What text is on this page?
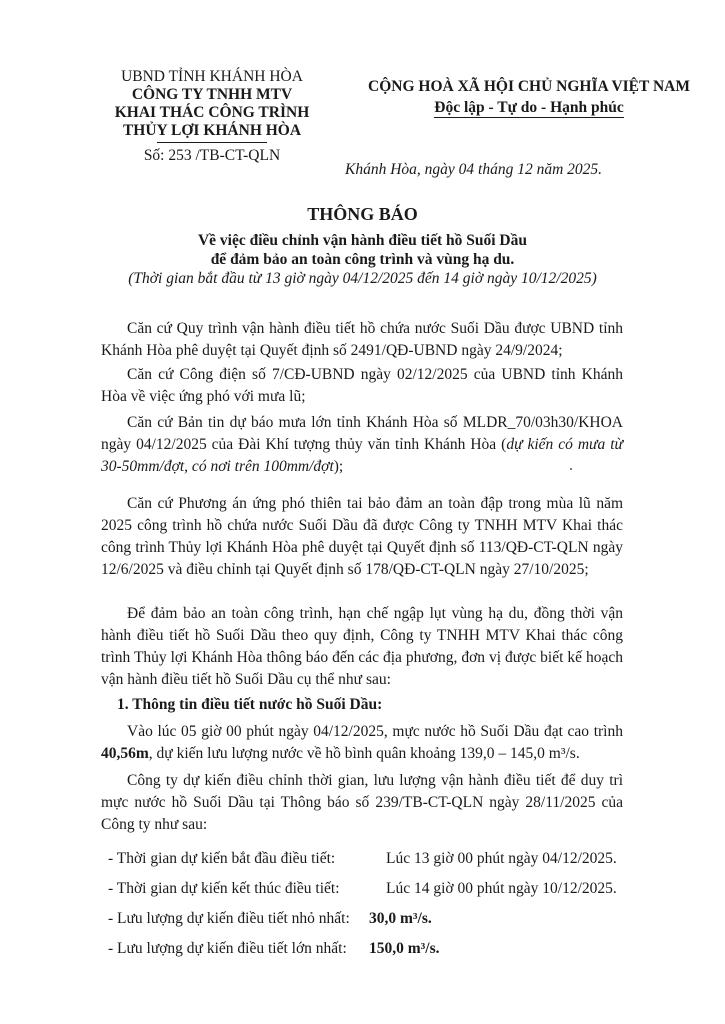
UBND TỈNH KHÁNH HÒA
CÔNG TY TNHH MTV
KHAI THÁC CÔNG TRÌNH
THỦY LỢI KHÁNH HÒA
Số: 253 /TB-CT-QLN
CỘNG HOÀ XÃ HỘI CHỦ NGHĨA VIỆT NAM
Độc lập - Tự do - Hạnh phúc
Khánh Hòa, ngày 04 tháng 12 năm 2025.
THÔNG BÁO
Về việc điều chỉnh vận hành điều tiết hồ Suối Dầu
để đảm bảo an toàn công trình và vùng hạ du.
(Thời gian bắt đầu từ 13 giờ ngày 04/12/2025 đến 14 giờ ngày 10/12/2025)
Căn cứ Quy trình vận hành điều tiết hồ chứa nước Suối Dầu được UBND tỉnh Khánh Hòa phê duyệt tại Quyết định số 2491/QĐ-UBND ngày 24/9/2024;
Căn cứ Công điện số 7/CĐ-UBND ngày 02/12/2025 của UBND tỉnh Khánh Hòa về việc ứng phó với mưa lũ;
Căn cứ Bản tin dự báo mưa lớn tỉnh Khánh Hòa số MLDR_70/03h30/KHOA ngày 04/12/2025 của Đài Khí tượng thủy văn tỉnh Khánh Hòa (dự kiến có mưa từ 30-50mm/đợt, có nơi trên 100mm/đợt);
Căn cứ Phương án ứng phó thiên tai bảo đảm an toàn đập trong mùa lũ năm 2025 công trình hồ chứa nước Suối Dầu đã được Công ty TNHH MTV Khai thác công trình Thủy lợi Khánh Hòa phê duyệt tại Quyết định số 113/QĐ-CT-QLN ngày 12/6/2025 và điều chỉnh tại Quyết định số 178/QĐ-CT-QLN ngày 27/10/2025;
Để đảm bảo an toàn công trình, hạn chế ngập lụt vùng hạ du, đồng thời vận hành điều tiết hồ Suối Dầu theo quy định, Công ty TNHH MTV Khai thác công trình Thủy lợi Khánh Hòa thông báo đến các địa phương, đơn vị được biết kế hoạch vận hành điều tiết hồ Suối Dầu cụ thể như sau:
1. Thông tin điều tiết nước hồ Suối Dầu:
Vào lúc 05 giờ 00 phút ngày 04/12/2025, mực nước hồ Suối Dầu đạt cao trình 40,56m, dự kiến lưu lượng nước về hồ bình quân khoảng 139,0 – 145,0 m³/s.
Công ty dự kiến điều chỉnh thời gian, lưu lượng vận hành điều tiết để duy trì mực nước hồ Suối Dầu tại Thông báo số 239/TB-CT-QLN ngày 28/11/2025 của Công ty như sau:
- Thời gian dự kiến bắt đầu điều tiết:	Lúc 13 giờ 00 phút ngày 04/12/2025.
- Thời gian dự kiến kết thúc điều tiết:	Lúc 14 giờ 00 phút ngày 10/12/2025.
- Lưu lượng dự kiến điều tiết nhỏ nhất: 30,0 m³/s.
- Lưu lượng dự kiến điều tiết lớn nhất: 150,0 m³/s.
